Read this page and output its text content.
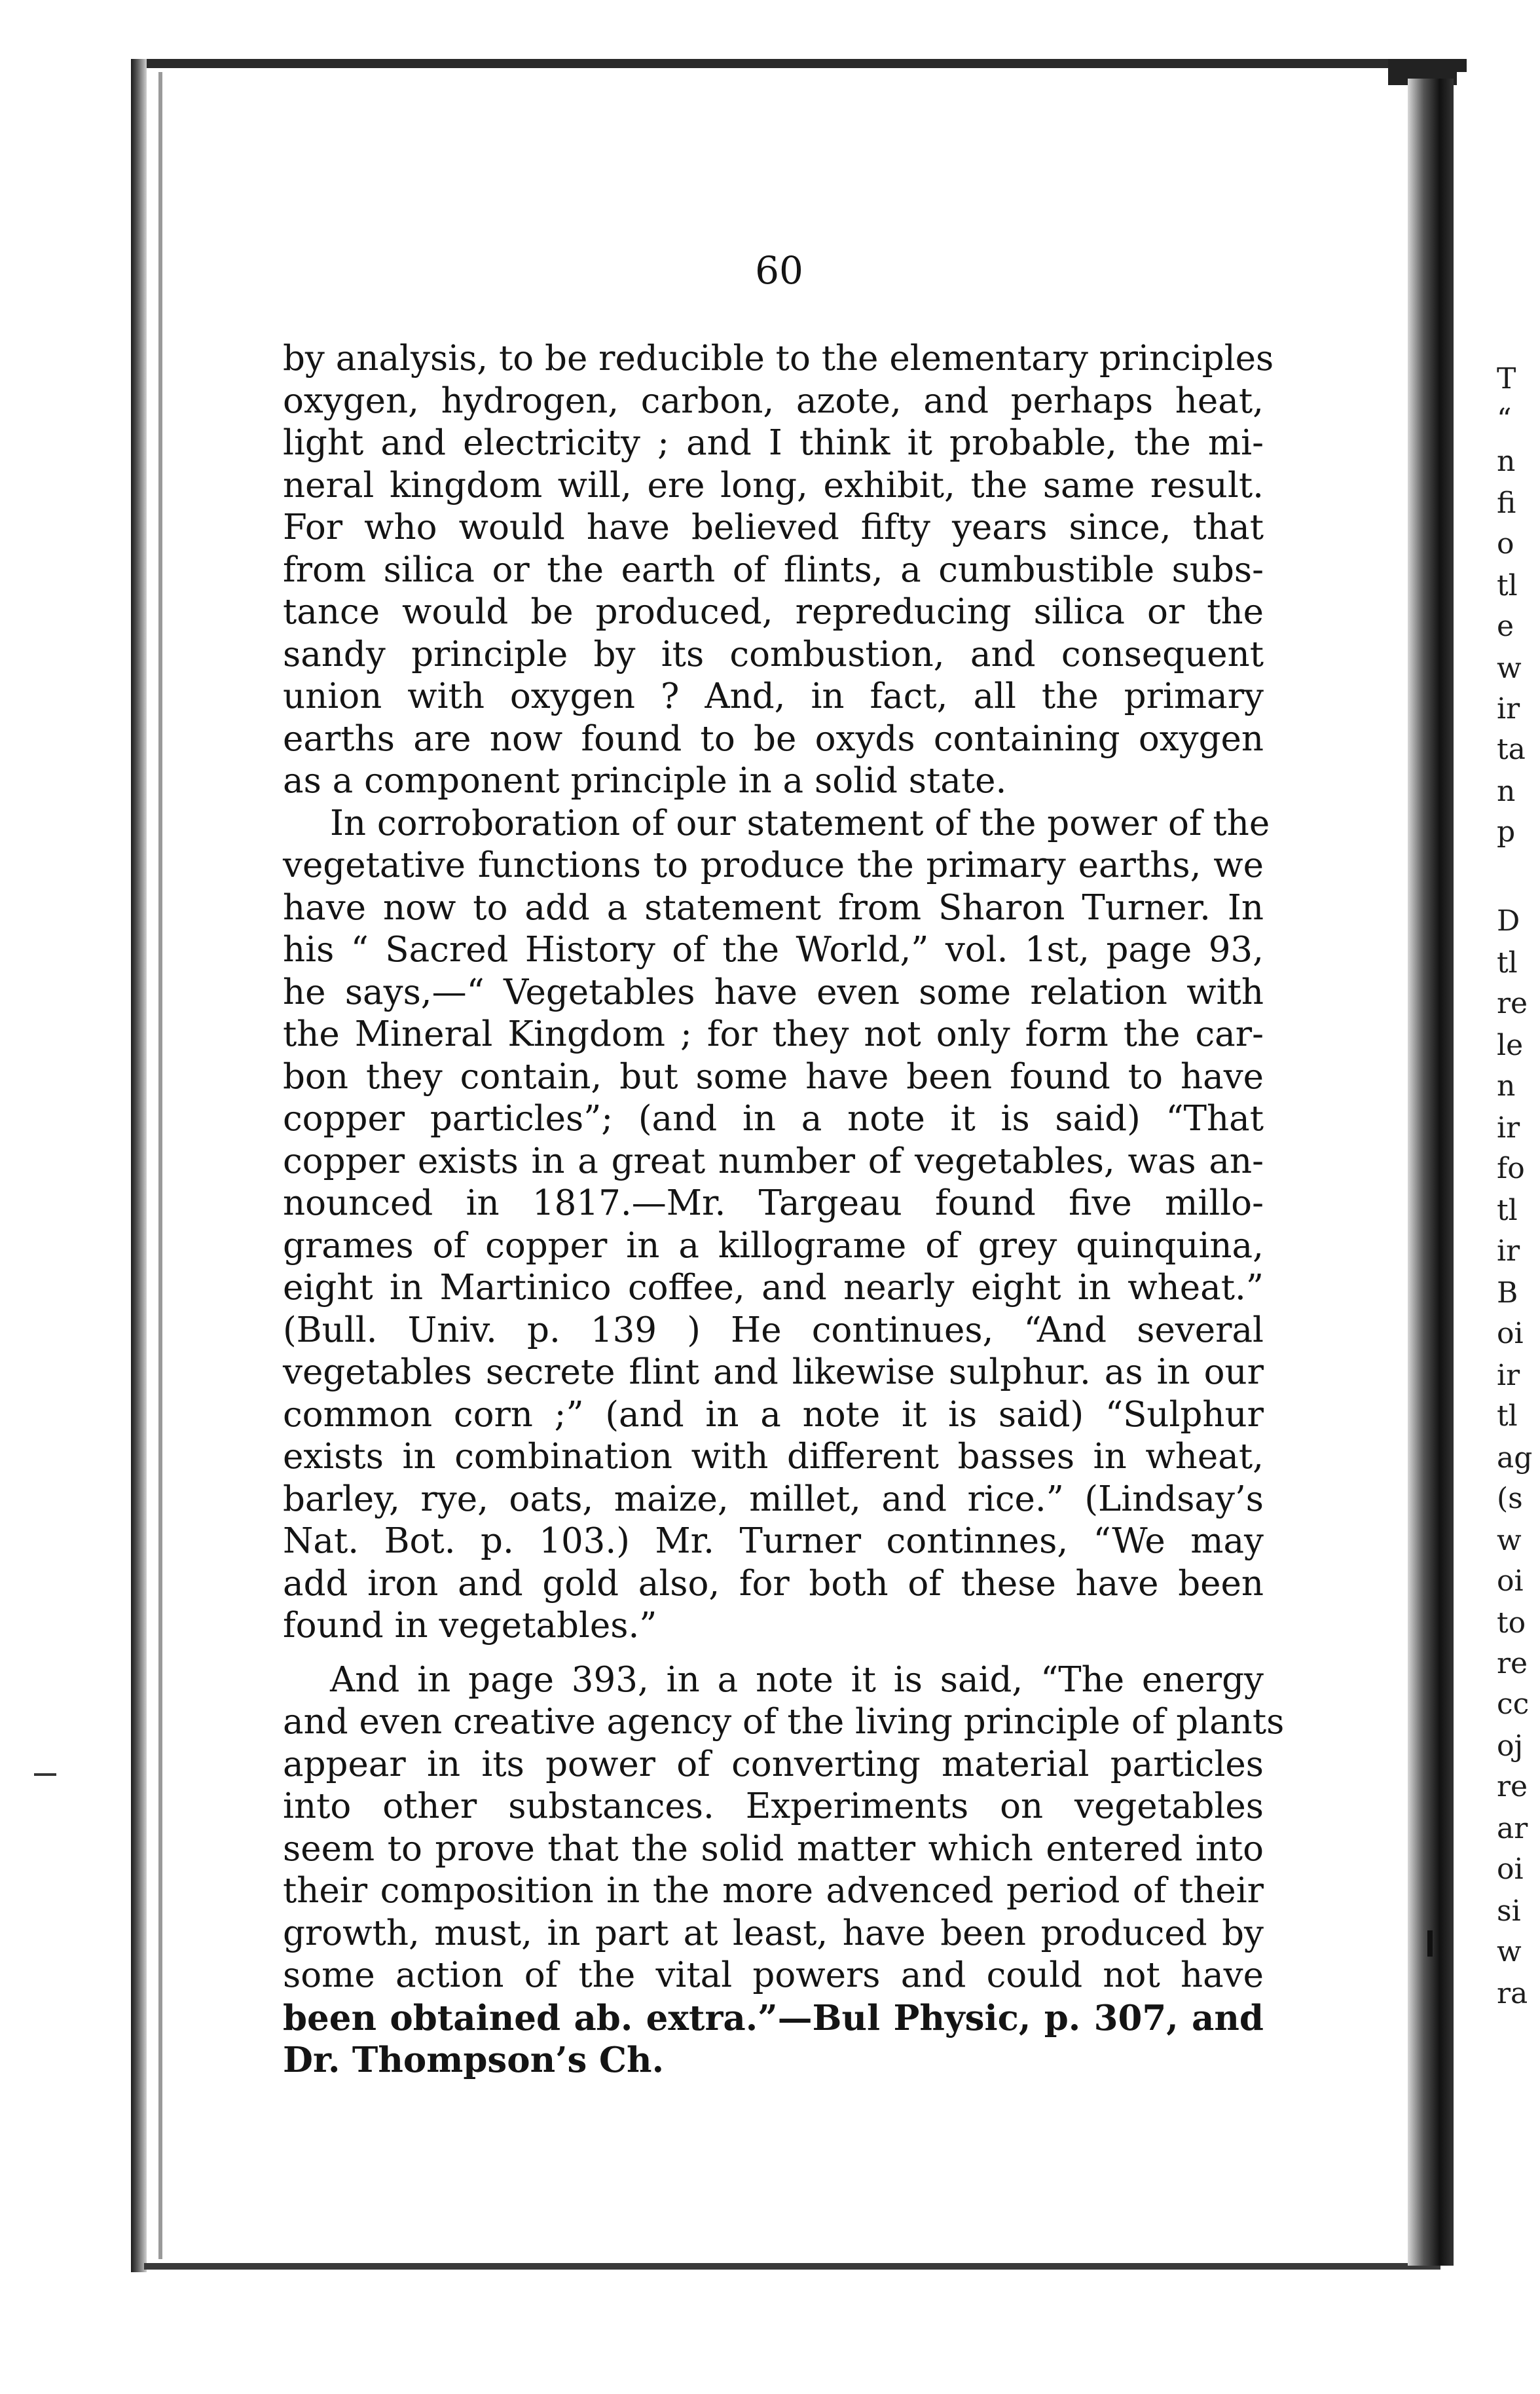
T
“
n
fi
o
tl
e
w
ir
ta
n
p
D
tl
re
le
n
ir
fo
tl
ir
B
oi
ir
tl
ag
(s
w
oi
to
re
cc
oj
re
ar
oi
si
w
ra
60
by analysis, to be reducible to the elementary principles
oxygen, hydrogen, carbon, azote, and perhaps heat,
light and electricity ; and I think it probable, the mi-
neral kingdom will, ere long, exhibit, the same result.
For who would have believed fifty years since, that
from silica or the earth of flints, a cumbustible subs-
tance would be produced, repreducing silica or the
sandy principle by its combustion, and consequent
union with oxygen ? And, in fact, all the primary
earths are now found to be oxyds containing oxygen
as a component principle in a solid state.
In corroboration of our statement of the power of the
vegetative functions to produce the primary earths, we
have now to add a statement from Sharon Turner. In
his “ Sacred History of the World,” vol. 1st, page 93,
he says,—“ Vegetables have even some relation with
the Mineral Kingdom ; for they not only form the car-
bon they contain, but some have been found to have
copper particles”; (and in a note it is said) “That
copper exists in a great number of vegetables, was an-
nounced in 1817.—Mr. Targeau found five millo-
grames of copper in a killograme of grey quinquina,
eight in Martinico coffee, and nearly eight in wheat.”
(Bull. Univ. p. 139 ) He continues, “And several
vegetables secrete flint and likewise sulphur. as in our
common corn ;” (and in a note it is said) “Sulphur
exists in combination with different basses in wheat,
barley, rye, oats, maize, millet, and rice.” (Lindsay’s
Nat. Bot. p. 103.) Mr. Turner continnes, “We may
add iron and gold also, for both of these have been
found in vegetables.”
And in page 393, in a note it is said, “The energy
and even creative agency of the living principle of plants
appear in its power of converting material particles
into other substances. Experiments on vegetables
seem to prove that the solid matter which entered into
their composition in the more advenced period of their
growth, must, in part at least, have been produced by
some action of the vital powers and could not have
been obtained ab. extra.”—Bul Physic, p. 307, and
Dr. Thompson’s Ch.
